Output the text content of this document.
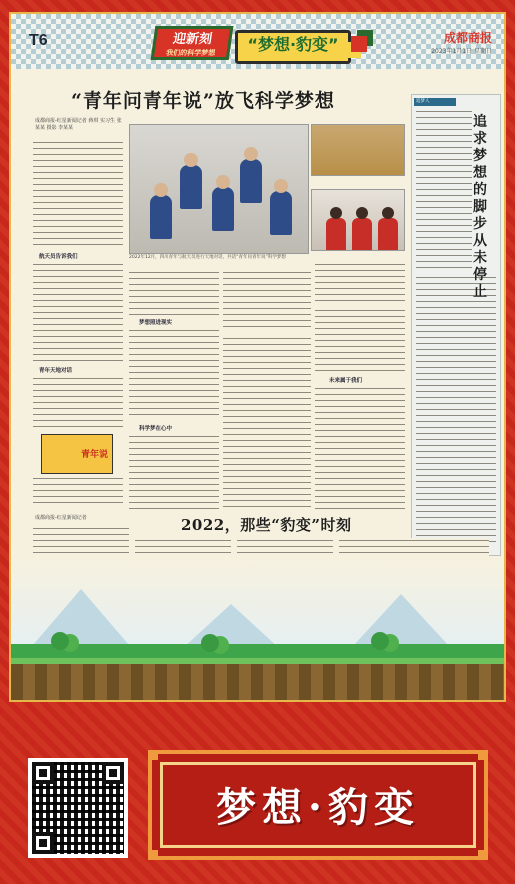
T6	迎新刻
我们的科学梦想	“梦想·豹变”	成都商报
2023年1月1日 星期日
“青年问青年说”放飞科学梦想
成都商报-红星新闻记者 蒋琪 实习生 张某某 摄影 李某某
航天员告诉我们
青年天地对话
青年说
2022年12月，四川青年与航天员进行天地对话，共话“青年问青年说”科学梦想
梦想照进现实
科学梦在心中
未来属于我们
追梦人
追求梦想的脚步从未停止
成都商报-红星新闻记者	2022，那些“豹变”时刻
梦想·豹变
